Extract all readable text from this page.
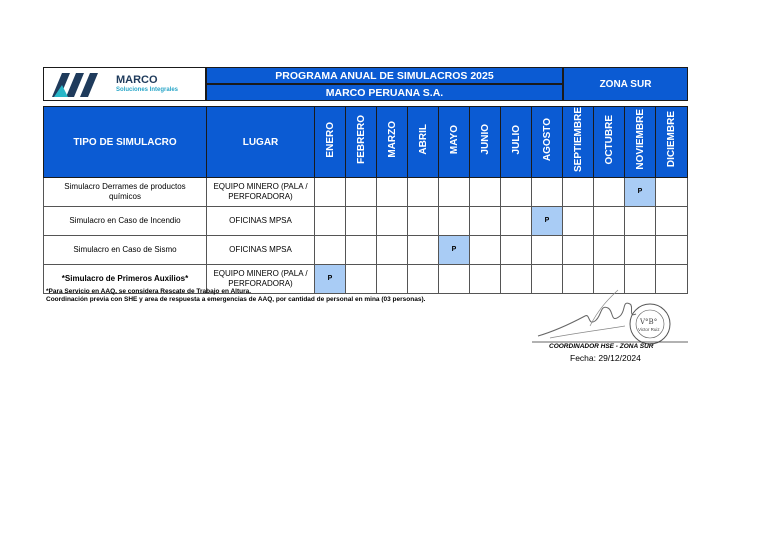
MARCO
Soluciones Integrales
PROGRAMA ANUAL DE SIMULACROS 2025
MARCO PERUANA S.A.
ZONA SUR
TIPO DE SIMULACRO	LUGAR	ENERO	FEBRERO	MARZO	ABRIL	MAYO	JUNIO	JULIO	AGOSTO	SEPTIEMBRE	OCTUBRE	NOVIEMBRE	DICIEMBRE
Simulacro Derrames de productos químicos	EQUIPO MINERO (PALA / PERFORADORA)											P	
Simulacro en Caso de Incendio	OFICINAS MPSA								P				
Simulacro en Caso de Sismo	OFICINAS MPSA					P							
*Simulacro de Primeros Auxilios*	EQUIPO MINERO (PALA / PERFORADORA)	P											
*Para Servicio en AAQ, se considera Rescate de Trabajo en Altura.
Coordinación previa con SHE y area de respuesta a emergencias de AAQ, por cantidad de personal en mina (03 personas).
V°B°
Victor Ruiz
COORDINADOR HSE - ZONA SUR
Fecha: 29/12/2024
